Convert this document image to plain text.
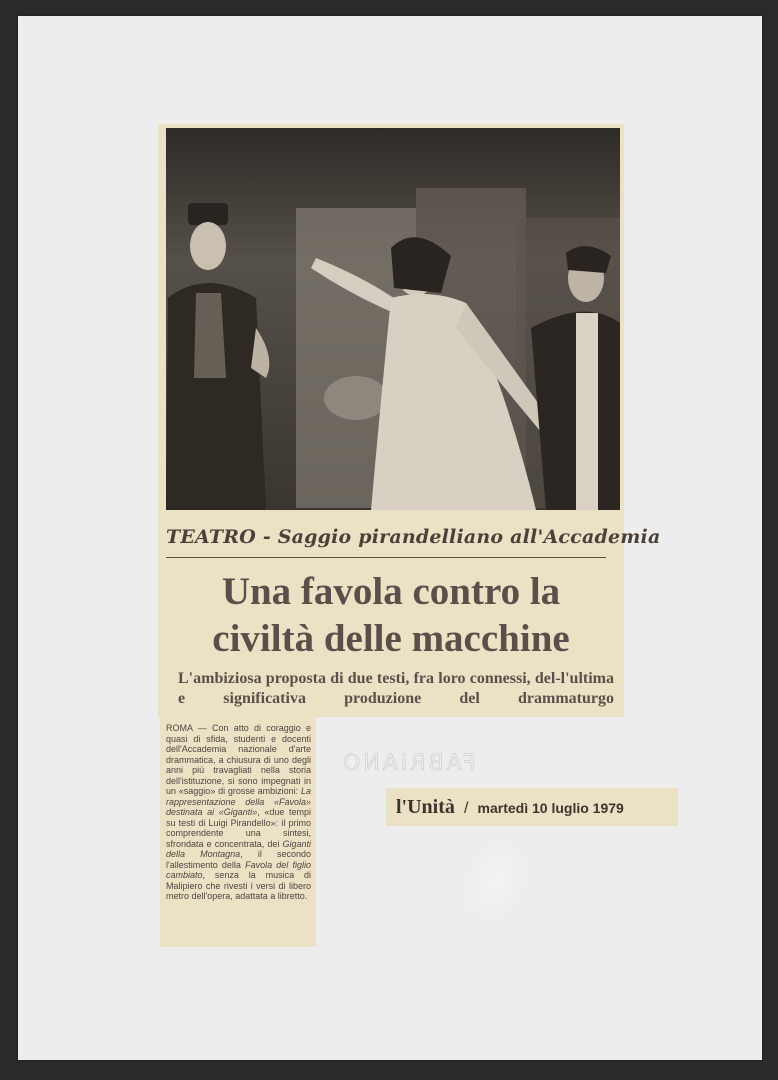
TEATRO - Saggio pirandelliano all'Accademia
Una favola contro la
civiltà delle macchine
L'ambiziosa proposta di due testi, fra loro connessi, del-l'ultima e significativa produzione del drammaturgo
ROMA — Con atto di coraggio e quasi di sfida, studenti e docenti dell'Accademia nazionale d'arte drammatica, a chiusura di uno degli anni più travagliati nella storia dell'istituzione, si sono impegnati in un «saggio» di grosse ambizioni: La rappresentazione della «Favola» destinata ai «Giganti», «due tempi su testi di Luigi Pirandello»: il primo comprendente una sintesi, sfrondata e concentrata, dei Giganti della Montagna, il secondo l'allestimento della Favola del figlio cambiato, senza la musica di Malipiero che rivesti i versi di libero metro dell'opera, adattata a libretto.
FABRIANO
l'Unità / martedì 10 luglio 1979
